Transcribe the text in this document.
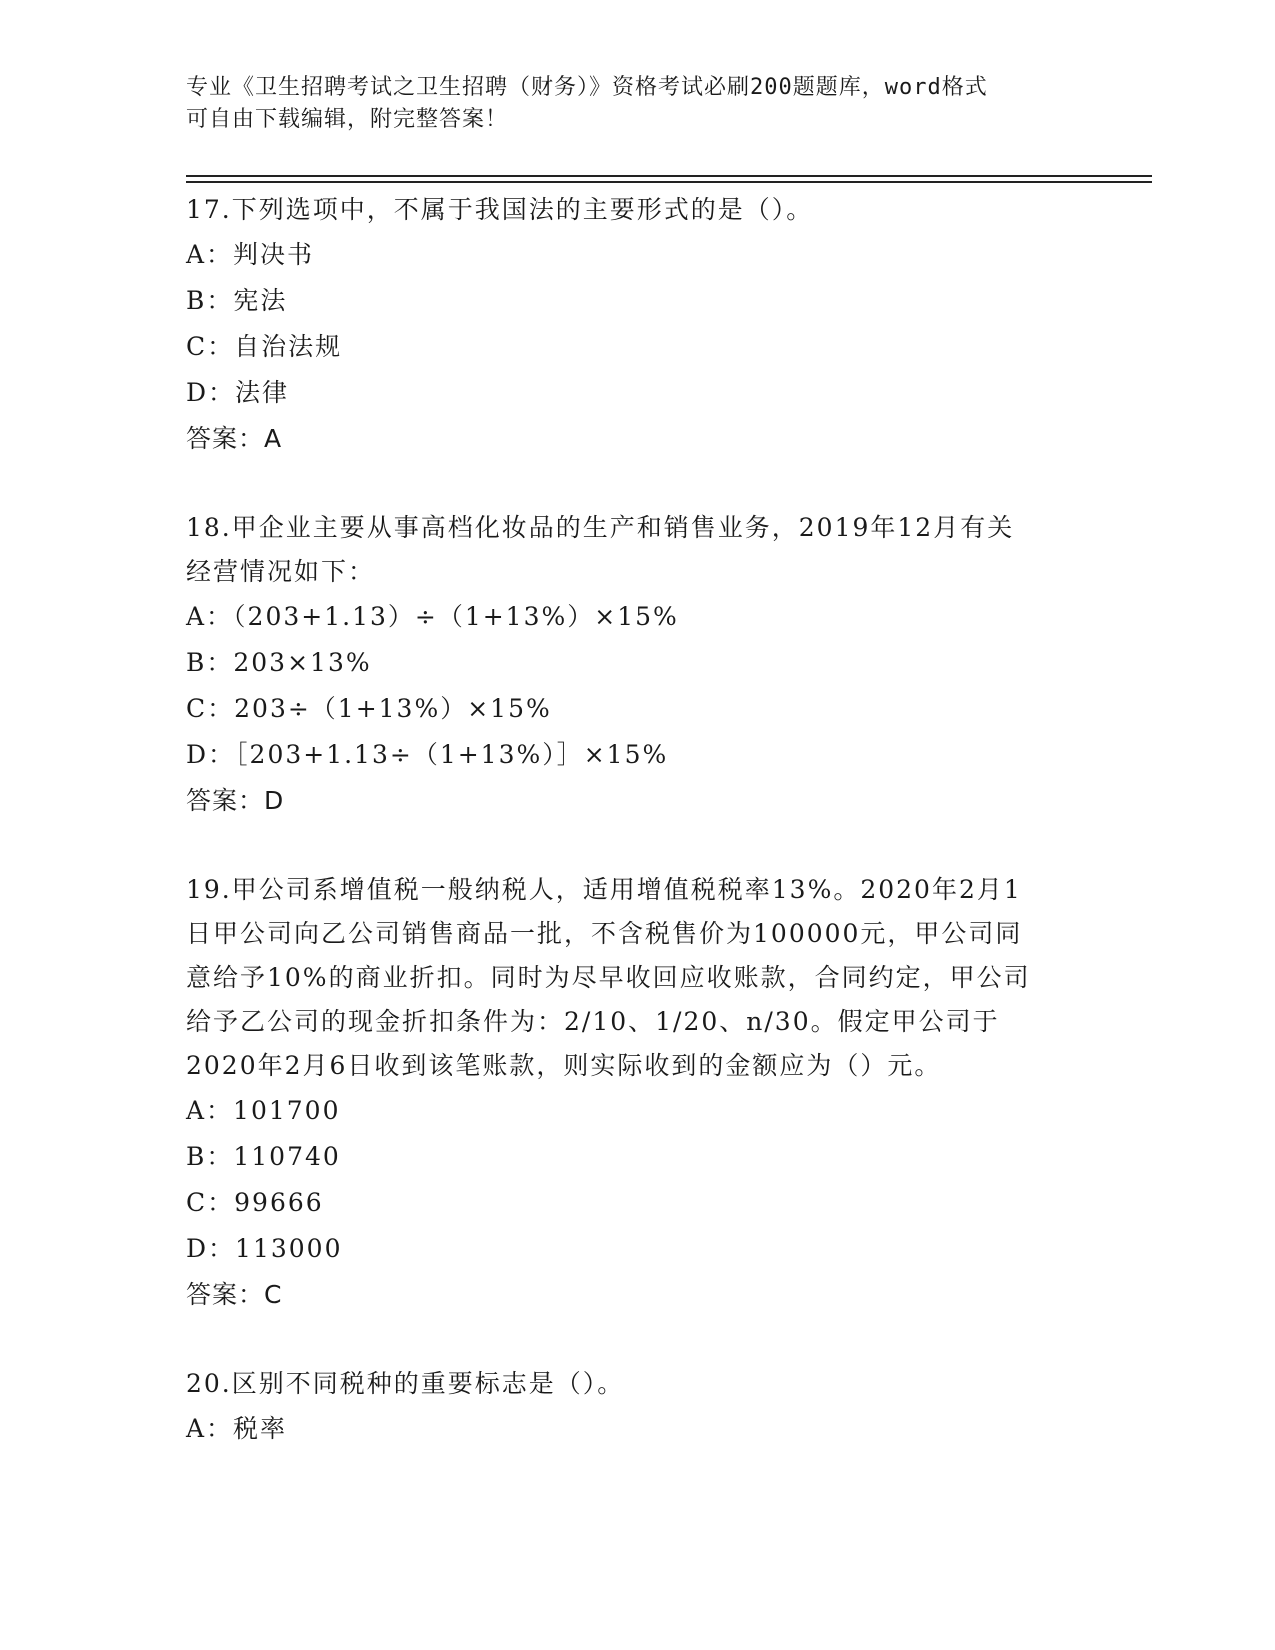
专业《卫生招聘考试之卫生招聘（财务）》资格考试必刷200题题库，word格式
可自由下载编辑，附完整答案！

17.下列选项中，不属于我国法的主要形式的是（）。

A：判决书

B：宪法

C：自治法规

D：法律

答案：A

18.甲企业主要从事高档化妆品的生产和销售业务，2019年12月有关

经营情况如下：

A：（203+1.13）÷（1+13%）×15%

B：203×13%

C：203÷（1+13%）×15%

D：［203+1.13÷（1+13%）］×15%

答案：D

19.甲公司系增值税一般纳税人，适用增值税税率13%。2020年2月1

日甲公司向乙公司销售商品一批，不含税售价为100000元，甲公司同

意给予10%的商业折扣。同时为尽早收回应收账款，合同约定，甲公司

给予乙公司的现金折扣条件为：2/10、1/20、n/30。假定甲公司于

2020年2月6日收到该笔账款，则实际收到的金额应为（）元。

A：101700

B：110740

C：99666

D：113000

答案：C

20.区别不同税种的重要标志是（）。

A：税率
